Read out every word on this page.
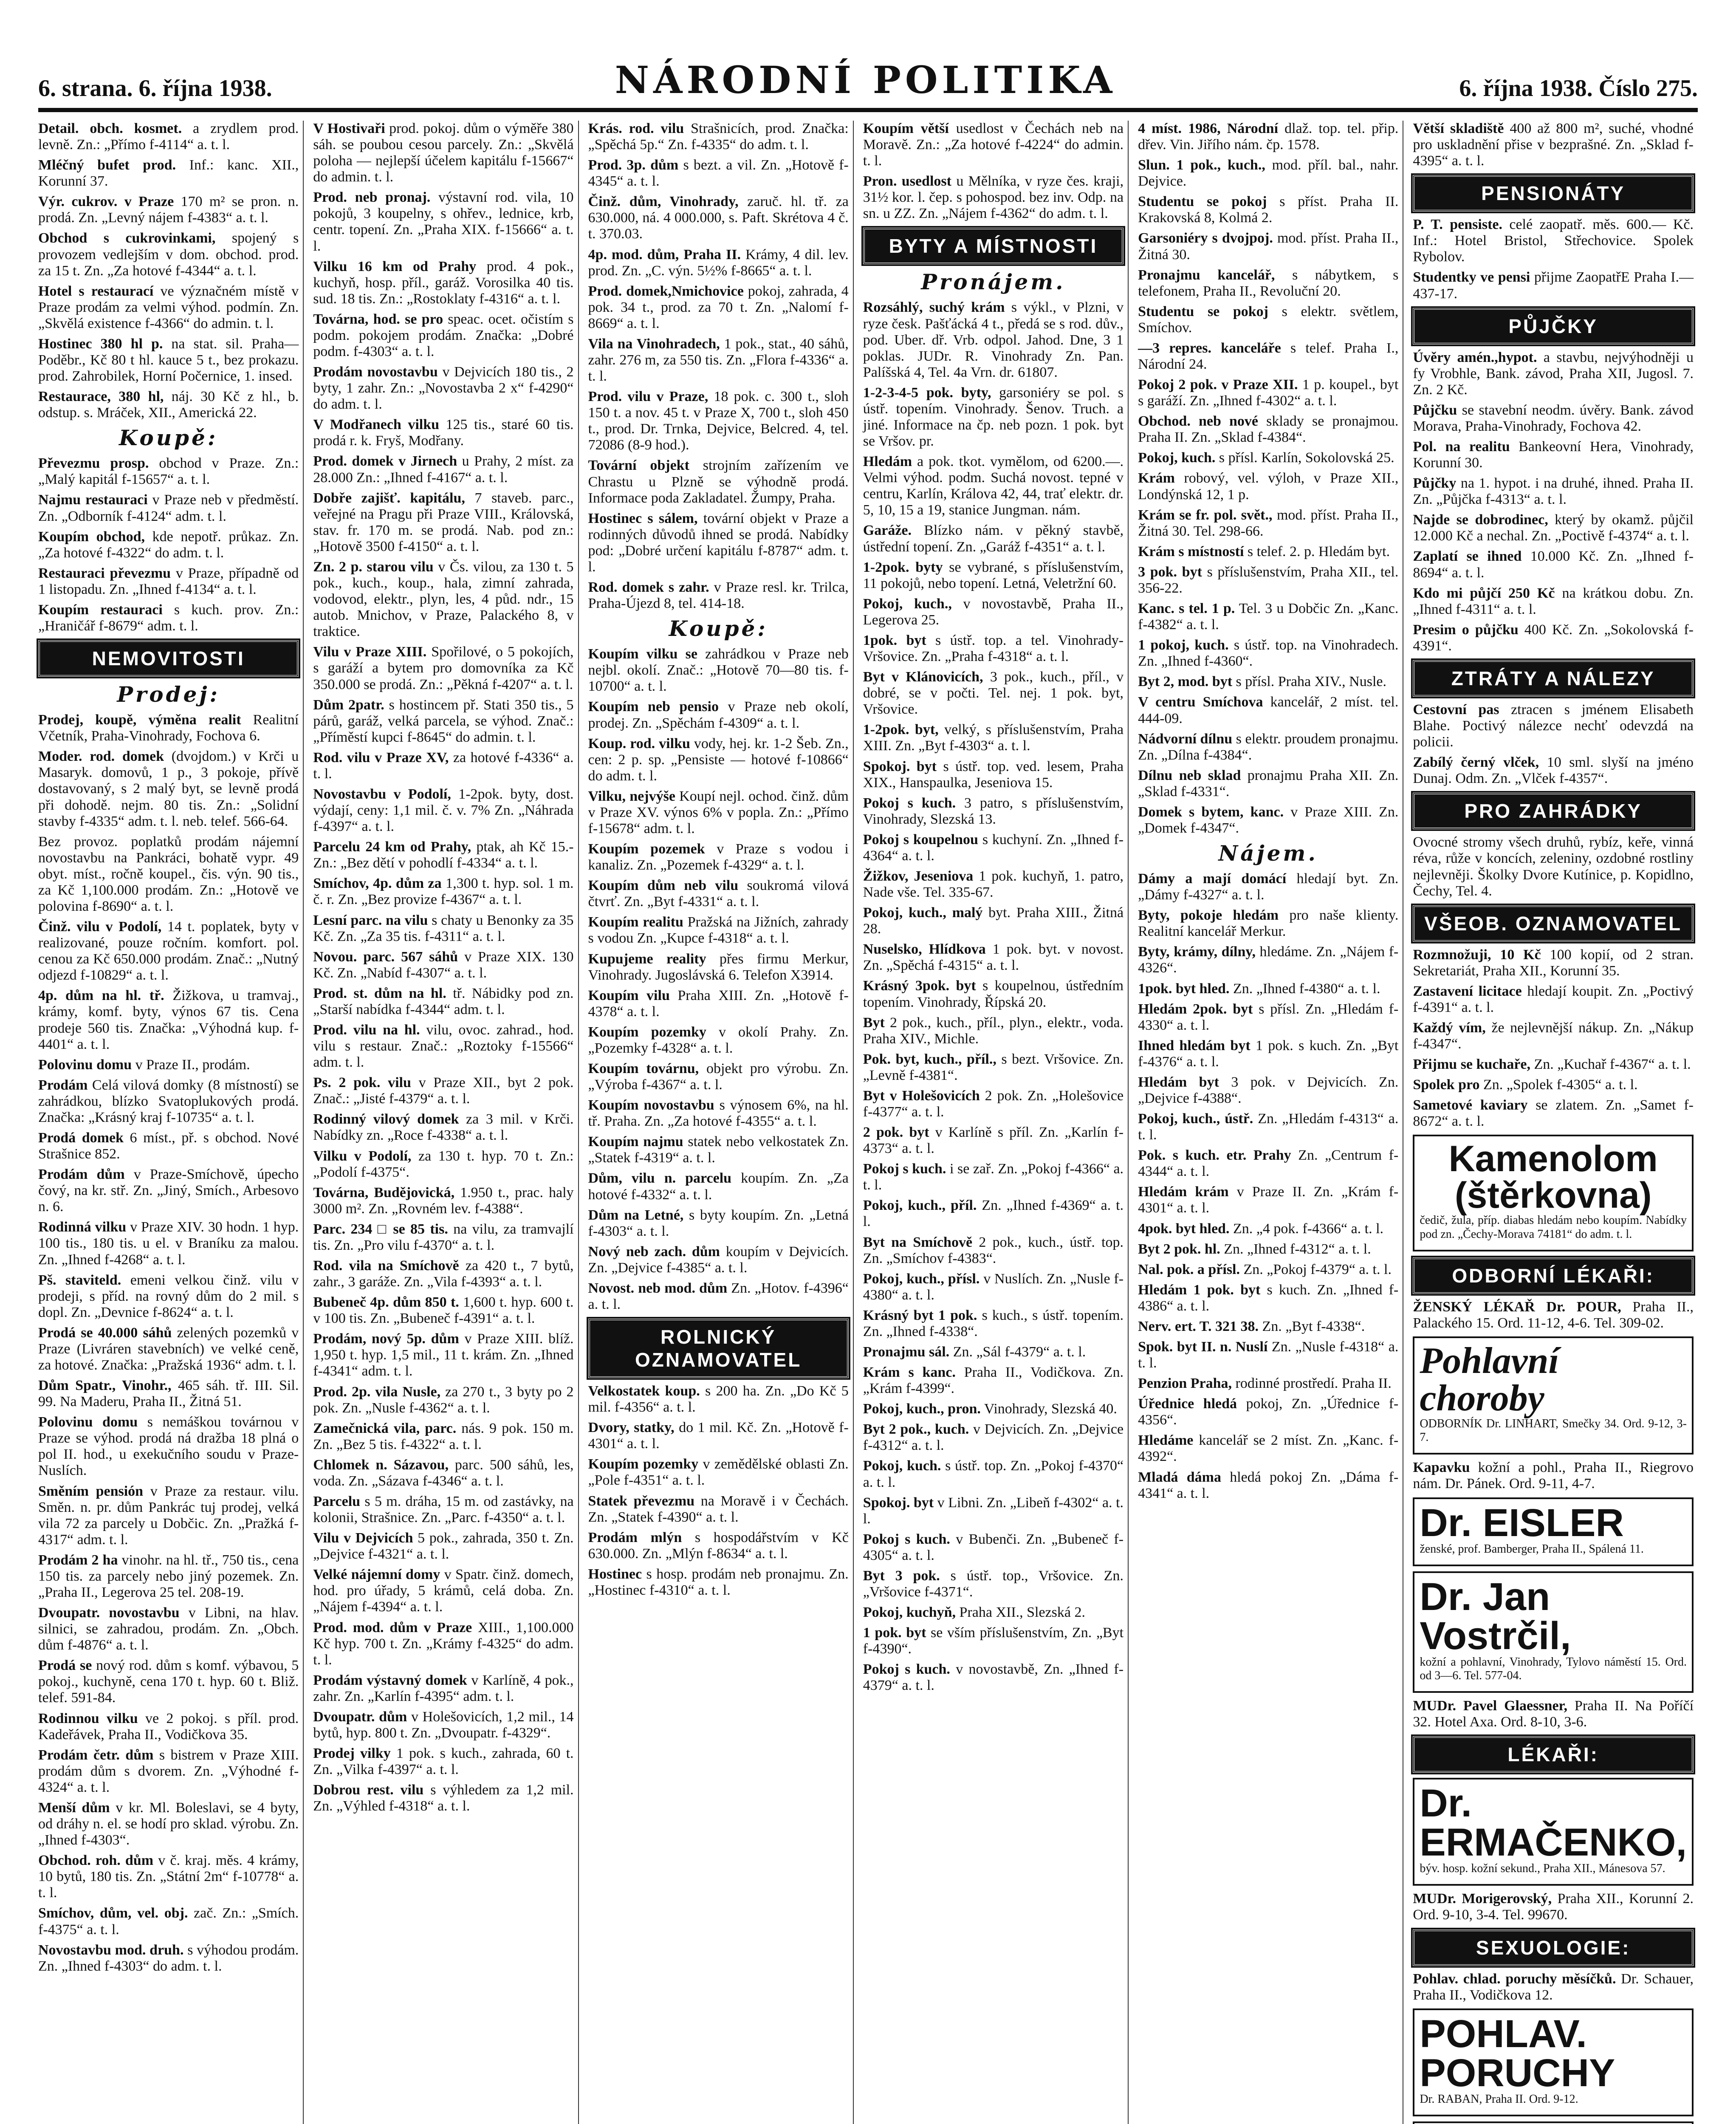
6. strana. 6. října 1938.	NÁRODNÍ POLITIKA	6. října 1938. Číslo 275.
Detail. obch. kosmet. a zrydlem prod. levně. Zn.: „Přímo f-4114“ a. t. l.
Mléčný bufet prod. Inf.: kanc. XII., Korunní 37.
Výr. cukrov. v Praze 170 m² se pron. n. prodá. Zn. „Levný nájem f-4383“ a. t. l.
Obchod s cukrovinkami, spojený s provozem vedlejším v dom. obchod. prod. za 15 t. Zn. „Za hotové f-4344“ a. t. l.
Hotel s restaurací ve význačném místě v Praze prodám za velmi výhod. podmín. Zn. „Skvělá existence f-4366“ do admin. t. l.
Hostinec 380 hl p. na stat. sil. Praha—Poděbr., Kč 80 t hl. kauce 5 t., bez prokazu. prod. Zahrobilek, Horní Počernice, 1. insed.
Restaurace, 380 hl, náj. 30 Kč z hl., b. odstup. s. Mráček, XII., Americká 22.
Koupě:
Převezmu prosp. obchod v Praze. Zn.: „Malý kapitál f-15657“ a. t. l.
Najmu restauraci v Praze neb v předměstí. Zn. „Odborník f-4124“ adm. t. l.
Koupím obchod, kde nepotř. průkaz. Zn. „Za hotové f-4322“ do adm. t. l.
Restauraci převezmu v Praze, případně od 1 listopadu. Zn. „Ihned f-4134“ a. t. l.
Koupím restauraci s kuch. prov. Zn.: „Hraničář f-8679“ adm. t. l.
NEMOVITOSTI
Prodej:
Prodej, koupě, výměna realit Realitní Včetník, Praha-Vinohrady, Fochova 6.
Moder. rod. domek (dvojdom.) v Krči u Masaryk. domovů, 1 p., 3 pokoje, přívě dostavovaný, s 2 malý byt, se levně prodá při dohodě. nejm. 80 tis. Zn.: „Solidní stavby f-4335“ adm. t. l. neb. telef. 566-64.
Bez provoz. poplatků prodám nájemní novostavbu na Pankráci, bohatě vypr. 49 obyt. míst., ročně koupel., čis. výn. 90 tis., za Kč 1,100.000 prodám. Zn.: „Hotově ve polovina f-8690“ a. t. l.
Činž. vilu v Podolí, 14 t. poplatek, byty v realizované, pouze ročním. komfort. pol. cenou za Kč 650.000 prodám. Znač.: „Nutný odjezd f-10829“ a. t. l.
4p. dům na hl. tř. Žižkova, u tramvaj., krámy, komf. byty, výnos 67 tis. Cena prodeje 560 tis. Značka: „Výhodná kup. f-4401“ a. t. l.
Polovinu domu v Praze II., prodám.
Prodám Celá vilová domky (8 místností) se zahrádkou, blízko Svatoplukových prodá. Značka: „Krásný kraj f-10735“ a. t. l.
Prodá domek 6 míst., př. s obchod. Nové Strašnice 852.
Prodám dům v Praze-Smíchově, úpecho čový, na kr. stř. Zn. „Jiný, Smích., Arbesovo n. 6.
Rodinná vilku v Praze XIV. 30 hodn. 1 hyp. 100 tis., 180 tis. u el. v Braníku za malou. Zn. „Ihned f-4268“ a. t. l.
Pš. staviteld. emeni velkou činž. vilu v prodeji, s příd. na rovný dům do 2 mil. s dopl. Zn. „Devnice f-8624“ a. t. l.
Prodá se 40.000 sáhů zelených pozemků v Praze (Livráren stavebních) ve velké ceně, za hotové. Značka: „Pražská 1936“ adm. t. l.
Dům Spatr., Vinohr., 465 sáh. tř. III. Sil. 99. Na Maderu, Praha II., Žitná 51.
Polovinu domu s nemáškou továrnou v Praze se výhod. prodá ná dražba 18 plná o pol II. hod., u exekučního soudu v Praze-Nuslích.
Směním pensión v Praze za restaur. vilu. Směn. n. pr. dům Pankrác tuj prodej, velká vila 72 za parcely u Dobčic. Zn. „Pražká f-4317“ adm. t. l.
Prodám 2 ha vinohr. na hl. tř., 750 tis., cena 150 tis. za parcely nebo jiný pozemek. Zn. „Praha II., Legerova 25 tel. 208-19.
Dvoupatr. novostavbu v Libni, na hlav. silnici, se zahradou, prodám. Zn. „Obch. dům f-4876“ a. t. l.
Prodá se nový rod. dům s komf. výbavou, 5 pokoj., kuchyně, cena 170 t. hyp. 60 t. Bliž. telef. 591-84.
Rodinnou vilku ve 2 pokoj. s příl. prod. Kadeřávek, Praha II., Vodičkova 35.
Prodám četr. dům s bistrem v Praze XIII. prodám dům s dvorem. Zn. „Výhodné f-4324“ a. t. l.
Menší dům v kr. Ml. Boleslavi, se 4 byty, od dráhy n. el. se hodí pro sklad. výrobu. Zn. „Ihned f-4303“.
Obchod. roh. dům v č. kraj. měs. 4 krámy, 10 bytů, 180 tis. Zn. „Státní 2m“ f-10778“ a. t. l.
Smíchov, dům, vel. obj. zač. Zn.: „Smích. f-4375“ a. t. l.
Novostavbu mod. druh. s výhodou prodám. Zn. „Ihned f-4303“ do adm. t. l.
V Hostivaři prod. pokoj. dům o výměře 380 sáh. se poubou cesou parcely. Zn.: „Skvělá poloha — nejlepší účelem kapitálu f-15667“ do admin. t. l.
Prod. neb pronaj. výstavní rod. vila, 10 pokojů, 3 koupelny, s ohřev., lednice, krb, centr. topení. Zn. „Praha XIX. f-15666“ a. t. l.
Vilku 16 km od Prahy prod. 4 pok., kuchyň, hosp. příl., garáž. Vorosilka 40 tis. sud. 18 tis. Zn.: „Rostoklaty f-4316“ a. t. l.
Továrna, hod. se pro speac. ocet. očistím s podm. pokojem prodám. Značka: „Dobré podm. f-4303“ a. t. l.
Prodám novostavbu v Dejvicích 180 tis., 2 byty, 1 zahr. Zn.: „Novostavba 2 x“ f-4290“ do adm. t. l.
V Modřanech vilku 125 tis., staré 60 tis. prodá r. k. Fryš, Modřany.
Prod. domek v Jirnech u Prahy, 2 míst. za 28.000 Zn.: „Ihned f-4167“ a. t. l.
Dobře zajišť. kapitálu, 7 staveb. parc., veřejné na Pragu při Praze VIII., Královská, stav. fr. 170 m. se prodá. Nab. pod zn.: „Hotově 3500 f-4150“ a. t. l.
Zn. 2 p. starou vilu v Čs. vilou, za 130 t. 5 pok., kuch., koup., hala, zimní zahrada, vodovod, elektr., plyn, les, 4 půd. ndr., 15 autob. Mnichov, v Praze, Palackého 8, v traktice.
Vilu v Praze XIII. Spořilové, o 5 pokojích, s garáží a bytem pro domovníka za Kč 350.000 se prodá. Zn.: „Pěkná f-4207“ a. t. l.
Dům 2patr. s hostincem př. Stati 350 tis., 5 párů, garáž, velká parcela, se výhod. Znač.: „Příměstí kupci f-8645“ do admin. t. l.
Rod. vilu v Praze XV, za hotové f-4336“ a. t. l.
Novostavbu v Podolí, 1-2pok. byty, dost. výdají, ceny: 1,1 mil. č. v. 7% Zn. „Náhrada f-4397“ a. t. l.
Parcelu 24 km od Prahy, ptak, ah Kč 15.- Zn.: „Bez dětí v pohodlí f-4334“ a. t. l.
Smíchov, 4p. dům za 1,300 t. hyp. sol. 1 m. č. r. Zn. „Bez provize f-4367“ a. t. l.
Lesní parc. na vilu s chaty u Benonky za 35 Kč. Zn. „Za 35 tis. f-4311“ a. t. l.
Novou. parc. 567 sáhů v Praze XIX. 130 Kč. Zn. „Nabíd f-4307“ a. t. l.
Prod. st. dům na hl. tř. Nábidky pod zn. „Starší nabídka f-4344“ adm. t. l.
Prod. vilu na hl. vilu, ovoc. zahrad., hod. vilu s restaur. Znač.: „Roztoky f-15566“ adm. t. l.
Ps. 2 pok. vilu v Praze XII., byt 2 pok. Znač.: „Jisté f-4379“ a. t. l.
Rodinný vilový domek za 3 mil. v Krči. Nabídky zn. „Roce f-4338“ a. t. l.
Vilku v Podolí, za 130 t. hyp. 70 t. Zn.: „Podolí f-4375“.
Továrna, Budějovická, 1.950 t., prac. haly 3000 m². Zn. „Rovném lev. f-4388“.
Parc. 234 □ se 85 tis. na vilu, za tramvajlí tis. Zn. „Pro vilu f-4370“ a. t. l.
Rod. vila na Smíchově za 420 t., 7 bytů, zahr., 3 garáže. Zn. „Vila f-4393“ a. t. l.
Bubeneč 4p. dům 850 t. 1,600 t. hyp. 600 t. v 100 tis. Zn. „Bubeneč f-4391“ a. t. l.
Prodám, nový 5p. dům v Praze XIII. blíž. 1,950 t. hyp. 1,5 mil., 11 t. krám. Zn. „Ihned f-4341“ adm. t. l.
Prod. 2p. vila Nusle, za 270 t., 3 byty po 2 pok. Zn. „Nusle f-4362“ a. t. l.
Zamečnická vila, parc. nás. 9 pok. 150 m. Zn. „Bez 5 tis. f-4322“ a. t. l.
Chlomek n. Sázavou, parc. 500 sáhů, les, voda. Zn. „Sázava f-4346“ a. t. l.
Parcelu s 5 m. dráha, 15 m. od zastávky, na kolonii, Strašnice. Zn. „Parc. f-4350“ a. t. l.
Vilu v Dejvicích 5 pok., zahrada, 350 t. Zn. „Dejvice f-4321“ a. t. l.
Velké nájemní domy v Spatr. činž. domech, hod. pro úřady, 5 krámů, celá doba. Zn. „Nájem f-4394“ a. t. l.
Prod. mod. dům v Praze XIII., 1,100.000 Kč hyp. 700 t. Zn. „Krámy f-4325“ do adm. t. l.
Prodám výstavný domek v Karlíně, 4 pok., zahr. Zn. „Karlín f-4395“ adm. t. l.
Dvoupatr. dům v Holešovicích, 1,2 mil., 14 bytů, hyp. 800 t. Zn. „Dvoupatr. f-4329“.
Prodej vilky 1 pok. s kuch., zahrada, 60 t. Zn. „Vilka f-4397“ a. t. l.
Dobrou rest. vilu s výhledem za 1,2 mil. Zn. „Výhled f-4318“ a. t. l.
Krás. rod. vilu Strašnicích, prod. Značka: „Spěchá 5p.“ Zn. f-4335“ do adm. t. l.
Prod. 3p. dům s bezt. a vil. Zn. „Hotově f-4345“ a. t. l.
Činž. dům, Vinohrady, zaruč. hl. tř. za 630.000, ná. 4 000.000, s. Paft. Skrétova 4 č. t. 370.03.
4p. mod. dům, Praha II. Krámy, 4 dil. lev. prod. Zn. „C. výn. 5½% f-8665“ a. t. l.
Prod. domek,Nmichovice pokoj, zahrada, 4 pok. 34 t., prod. za 70 t. Zn. „Nalomí f-8669“ a. t. l.
Vila na Vinohradech, 1 pok., stat., 40 sáhů, zahr. 276 m, za 550 tis. Zn. „Flora f-4336“ a. t. l.
Prod. vilu v Praze, 18 pok. c. 300 t., sloh 150 t. a nov. 45 t. v Praze X, 700 t., sloh 450 t., prod. Dr. Trnka, Dejvice, Belcred. 4, tel. 72086 (8-9 hod.).
Tovární objekt strojním zařízením ve Chrastu u Plzně se výhodně prodá. Informace poda Zakladatel. Žumpy, Praha.
Hostinec s sálem, tovární objekt v Praze a rodinných důvodů ihned se prodá. Nabídky pod: „Dobré určení kapitálu f-8787“ adm. t. l.
Rod. domek s zahr. v Praze resl. kr. Trilca, Praha-Újezd 8, tel. 414-18.
Koupě:
Koupím vilku se zahrádkou v Praze neb nejbl. okolí. Znač.: „Hotově 70—80 tis. f-10700“ a. t. l.
Koupím neb pensio v Praze neb okolí, prodej. Zn. „Spěchám f-4309“ a. t. l.
Koup. rod. vilku vody, hej. kr. 1-2 Šeb. Zn., cen: 2 p. sp. „Pensiste — hotové f-10866“ do adm. t. l.
Vilku, nejvýše Koupí nejl. ochod. činž. dům v Praze XV. výnos 6% v popla. Zn.: „Přímo f-15678“ adm. t. l.
Koupím pozemek v Praze s vodou i kanaliz. Zn. „Pozemek f-4329“ a. t. l.
Koupím dům neb vilu soukromá vilová čtvrť. Zn. „Byt f-4331“ a. t. l.
Koupím realitu Pražská na Jižních, zahrady s vodou Zn. „Kupce f-4318“ a. t. l.
Kupujeme reality přes firmu Merkur, Vinohrady. Jugoslávská 6. Telefon X3914.
Koupím vilu Praha XIII. Zn. „Hotově f-4378“ a. t. l.
Koupím pozemky v okolí Prahy. Zn. „Pozemky f-4328“ a. t. l.
Koupím továrnu, objekt pro výrobu. Zn. „Výroba f-4367“ a. t. l.
Koupím novostavbu s výnosem 6%, na hl. tř. Praha. Zn. „Za hotové f-4355“ a. t. l.
Koupím najmu statek nebo velkostatek Zn. „Statek f-4319“ a. t. l.
Dům, vilu n. parcelu koupím. Zn. „Za hotové f-4332“ a. t. l.
Dům na Letné, s byty koupím. Zn. „Letná f-4303“ a. t. l.
Nový neb zach. dům koupím v Dejvicích. Zn. „Dejvice f-4385“ a. t. l.
Novost. neb mod. dům Zn. „Hotov. f-4396“ a. t. l.
ROLNICKÝ OZNAMOVATEL
Velkostatek koup. s 200 ha. Zn. „Do Kč 5 mil. f-4356“ a. t. l.
Dvory, statky, do 1 mil. Kč. Zn. „Hotově f-4301“ a. t. l.
Koupím pozemky v zemědělské oblasti Zn. „Pole f-4351“ a. t. l.
Statek převezmu na Moravě i v Čechách. Zn. „Statek f-4390“ a. t. l.
Prodám mlýn s hospodářstvím v Kč 630.000. Zn. „Mlýn f-8634“ a. t. l.
Hostinec s hosp. prodám neb pronajmu. Zn. „Hostinec f-4310“ a. t. l.
Koupím větší usedlost v Čechách neb na Moravě. Zn.: „Za hotové f-4224“ do admin. t. l.
Pron. usedlost u Mělníka, v ryze čes. kraji, 31½ kor. l. čep. s pohospod. bez inv. Odp. na sn. u ZZ. Zn. „Nájem f-4362“ do adm. t. l.
BYTY A MÍSTNOSTI
Pronájem.
Rozsáhlý, suchý krám s výkl., v Plzni, v ryze česk. Pašťácká 4 t., předá se s rod. dův., pod. Uber. dř. Vrb. odpol. Jahod. Dne, 3 1 poklas. JUDr. R. Vinohrady Zn. Pan. Palíšská 4, Tel. 4a Vrn. dr. 61807.
1-2-3-4-5 pok. byty, garsoniéry se pol. s ústř. topením. Vinohrady. Šenov. Truch. a jiné. Informace na čp. neb pozn. 1 pok. byt se Vršov. pr.
Hledám a pok. tkot. vymělom, od 6200.—. Velmi výhod. podm. Suchá novost. tepné v centru, Karlín, Králova 42, 44, trať elektr. dr. 5, 10, 15 a 19, stanice Jungman. nám.
Garáže. Blízko nám. v pěkný stavbě, ústřední topení. Zn. „Garáž f-4351“ a. t. l.
1-2pok. byty se vybrané, s příslušenstvím, 11 pokojů, nebo topení. Letná, Veletržní 60.
Pokoj, kuch., v novostavbě, Praha II., Legerova 25.
1pok. byt s ústř. top. a tel. Vinohrady-Vršovice. Zn. „Praha f-4318“ a. t. l.
Byt v Klánovicích, 3 pok., kuch., příl., v dobré, se v počti. Tel. nej. 1 pok. byt, Vršovice.
1-2pok. byt, velký, s příslušenstvím, Praha XIII. Zn. „Byt f-4303“ a. t. l.
Spokoj. byt s ústř. top. ved. lesem, Praha XIX., Hanspaulka, Jeseniova 15.
Pokoj s kuch. 3 patro, s příslušenstvím, Vinohrady, Slezská 13.
Pokoj s koupelnou s kuchyní. Zn. „Ihned f-4364“ a. t. l.
Žižkov, Jeseniova 1 pok. kuchyň, 1. patro, Nade vše. Tel. 335-67.
Pokoj, kuch., malý byt. Praha XIII., Žitná 28.
Nuselsko, Hlídkova 1 pok. byt. v novost. Zn. „Spěchá f-4315“ a. t. l.
Krásný 3pok. byt s koupelnou, ústředním topením. Vinohrady, Řípská 20.
Byt 2 pok., kuch., příl., plyn., elektr., voda. Praha XIV., Michle.
Pok. byt, kuch., příl., s bezt. Vršovice. Zn. „Levně f-4381“.
Byt v Holešovicích 2 pok. Zn. „Holešovice f-4377“ a. t. l.
2 pok. byt v Karlíně s příl. Zn. „Karlín f-4373“ a. t. l.
Pokoj s kuch. i se zař. Zn. „Pokoj f-4366“ a. t. l.
Pokoj, kuch., příl. Zn. „Ihned f-4369“ a. t. l.
Byt na Smíchově 2 pok., kuch., ústř. top. Zn. „Smíchov f-4383“.
Pokoj, kuch., přísl. v Nuslích. Zn. „Nusle f-4380“ a. t. l.
Krásný byt 1 pok. s kuch., s ústř. topením. Zn. „Ihned f-4338“.
Pronajmu sál. Zn. „Sál f-4379“ a. t. l.
Krám s kanc. Praha II., Vodičkova. Zn. „Krám f-4399“.
Pokoj, kuch., pron. Vinohrady, Slezská 40.
Byt 2 pok., kuch. v Dejvicích. Zn. „Dejvice f-4312“ a. t. l.
Pokoj, kuch. s ústř. top. Zn. „Pokoj f-4370“ a. t. l.
Spokoj. byt v Libni. Zn. „Libeň f-4302“ a. t. l.
Pokoj s kuch. v Bubenči. Zn. „Bubeneč f-4305“ a. t. l.
Byt 3 pok. s ústř. top., Vršovice. Zn. „Vršovice f-4371“.
Pokoj, kuchyň, Praha XII., Slezská 2.
1 pok. byt se vším příslušenstvím, Zn. „Byt f-4390“.
Pokoj s kuch. v novostavbě, Zn. „Ihned f-4379“ a. t. l.
4 míst. 1986, Národní dlaž. top. tel. přip. dřev. Vin. Jiřího nám. čp. 1578.
Slun. 1 pok., kuch., mod. příl. bal., nahr. Dejvice.
Studentu se pokoj s příst. Praha II. Krakovská 8, Kolmá 2.
Garsoniéry s dvojpoj. mod. příst. Praha II., Žitná 30.
Pronajmu kancelář, s nábytkem, s telefonem, Praha II., Revoluční 20.
Studentu se pokoj s elektr. světlem, Smíchov.
—3 repres. kanceláře s telef. Praha I., Národní 24.
Pokoj 2 pok. v Praze XII. 1 p. koupel., byt s garáží. Zn. „Ihned f-4302“ a. t. l.
Obchod. neb nové sklady se pronajmou. Praha II. Zn. „Sklad f-4384“.
Pokoj, kuch. s přísl. Karlín, Sokolovská 25.
Krám robový, vel. výloh, v Praze XII., Londýnská 12, 1 p.
Krám se fr. pol. svět., mod. příst. Praha II., Žitná 30. Tel. 298-66.
Krám s místností s telef. 2. p. Hledám byt.
3 pok. byt s příslušenstvím, Praha XII., tel. 356-22.
Kanc. s tel. 1 p. Tel. 3 u Dobčic Zn. „Kanc. f-4382“ a. t. l.
1 pokoj, kuch. s ústř. top. na Vinohradech. Zn. „Ihned f-4360“.
Byt 2, mod. byt s přísl. Praha XIV., Nusle.
V centru Smíchova kancelář, 2 míst. tel. 444-09.
Nádvorní dílnu s elektr. proudem pronajmu. Zn. „Dílna f-4384“.
Dílnu neb sklad pronajmu Praha XII. Zn. „Sklad f-4331“.
Domek s bytem, kanc. v Praze XIII. Zn. „Domek f-4347“.
Nájem.
Dámy a mají domácí hledají byt. Zn. „Dámy f-4327“ a. t. l.
Byty, pokoje hledám pro naše klienty. Realitní kancelář Merkur.
Byty, krámy, dílny, hledáme. Zn. „Nájem f-4326“.
1pok. byt hled. Zn. „Ihned f-4380“ a. t. l.
Hledám 2pok. byt s přísl. Zn. „Hledám f-4330“ a. t. l.
Ihned hledám byt 1 pok. s kuch. Zn. „Byt f-4376“ a. t. l.
Hledám byt 3 pok. v Dejvicích. Zn. „Dejvice f-4388“.
Pokoj, kuch., ústř. Zn. „Hledám f-4313“ a. t. l.
Pok. s kuch. etr. Prahy Zn. „Centrum f-4344“ a. t. l.
Hledám krám v Praze II. Zn. „Krám f-4301“ a. t. l.
4pok. byt hled. Zn. „4 pok. f-4366“ a. t. l.
Byt 2 pok. hl. Zn. „Ihned f-4312“ a. t. l.
Nal. pok. a přísl. Zn. „Pokoj f-4379“ a. t. l.
Hledám 1 pok. byt s kuch. Zn. „Ihned f-4386“ a. t. l.
Nerv. ert. T. 321 38. Zn. „Byt f-4338“.
Spok. byt II. n. Nuslí Zn. „Nusle f-4318“ a. t. l.
Penzion Praha, rodinné prostředí. Praha II.
Úřednice hledá pokoj, Zn. „Úřednice f-4356“.
Hledáme kancelář se 2 míst. Zn. „Kanc. f-4392“.
Mladá dáma hledá pokoj Zn. „Dáma f-4341“ a. t. l.
Větší skladiště 400 až 800 m², suché, vhodné pro uskladnění přise v bezprašné. Zn. „Sklad f-4395“ a. t. l.
PENSIONÁTY
P. T. pensiste. celé zaopatř. měs. 600.— Kč. Inf.: Hotel Bristol, Střechovice. Spolek Rybolov.
Studentky ve pensi přijme ZaopatřE Praha I.—437-17.
PŮJČKY
Úvěry amén.,hypot. a stavbu, nejvýhodněji u fy Vrobhle, Bank. závod, Praha XII, Jugosl. 7. Zn. 2 Kč.
Půjčku se stavební neodm. úvěry. Bank. závod Morava, Praha-Vinohrady, Fochova 42.
Pol. na realitu Bankeovní Hera, Vinohrady, Korunní 30.
Půjčky na 1. hypot. i na druhé, ihned. Praha II. Zn. „Půjčka f-4313“ a. t. l.
Najde se dobrodinec, který by okamž. půjčil 12.000 Kč a nechal. Zn. „Poctivě f-4374“ a. t. l.
Zaplatí se ihned 10.000 Kč. Zn. „Ihned f-8694“ a. t. l.
Kdo mi půjčí 250 Kč na krátkou dobu. Zn. „Ihned f-4311“ a. t. l.
Presim o půjčku 400 Kč. Zn. „Sokolovská f-4391“.
ZTRÁTY A NÁLEZY
Cestovní pas ztracen s jménem Elisabeth Blahe. Poctivý nálezce nechť odevzdá na policii.
Zabílý černý vlček, 10 sml. slyší na jméno Dunaj. Odm. Zn. „Vlček f-4357“.
PRO ZAHRÁDKY
Ovocné stromy všech druhů, rybíz, keře, vinná réva, růže v koncích, zeleniny, ozdobné rostliny nejlevněji. Školky Dvore Kutínice, p. Kopidlno, Čechy, Tel. 4.
VŠEOB. OZNAMOVATEL
Rozmnožuji, 10 Kč 100 kopií, od 2 stran. Sekretariát, Praha XII., Korunní 35.
Zastavení licitace hledají koupit. Zn. „Poctivý f-4391“ a. t. l.
Každý vím, že nejlevnější nákup. Zn. „Nákup f-4347“.
Přijmu se kuchaře, Zn. „Kuchař f-4367“ a. t. l.
Spolek pro Zn. „Spolek f-4305“ a. t. l.
Sametové kaviary se zlatem. Zn. „Samet f-8672“ a. t. l.
Kamenolom (štěrkovna)
čedič, žula, příp. diabas hledám nebo koupím. Nabídky pod zn. „Čechy-Morava 74181“ do adm. t. l.
ODBORNÍ LÉKAŘI:
ŽENSKÝ LÉKAŘ Dr. POUR, Praha II., Palackého 15. Ord. 11-12, 4-6. Tel. 309-02.
Pohlavní choroby
ODBORNÍK Dr. LINHART, Smečky 34. Ord. 9-12, 3-7.
Kapavku kožní a pohl., Praha II., Riegrovo nám. Dr. Pánek. Ord. 9-11, 4-7.
Dr. EISLER
ženské, prof. Bamberger, Praha II., Spálená 11.
Dr. Jan Vostrčil,
kožní a pohlavní, Vinohrady, Tylovo náměstí 15. Ord. od 3—6. Tel. 577-04.
MUDr. Pavel Glaessner, Praha II. Na Poříčí 32. Hotel Axa. Ord. 8-10, 3-6.
LÉKAŘI:
Dr. ERMAČENKO,
býv. hosp. kožní sekund., Praha XII., Mánesova 57.
MUDr. Morigerovský, Praha XII., Korunní 2. Ord. 9-10, 3-4. Tel. 99670.
SEXUOLOGIE:
Pohlav. chlad. poruchy měsíčků. Dr. Schauer, Praha II., Vodičkova 12.
POHLAV. PORUCHY
Dr. RABAN, Praha II. Ord. 9-12.
